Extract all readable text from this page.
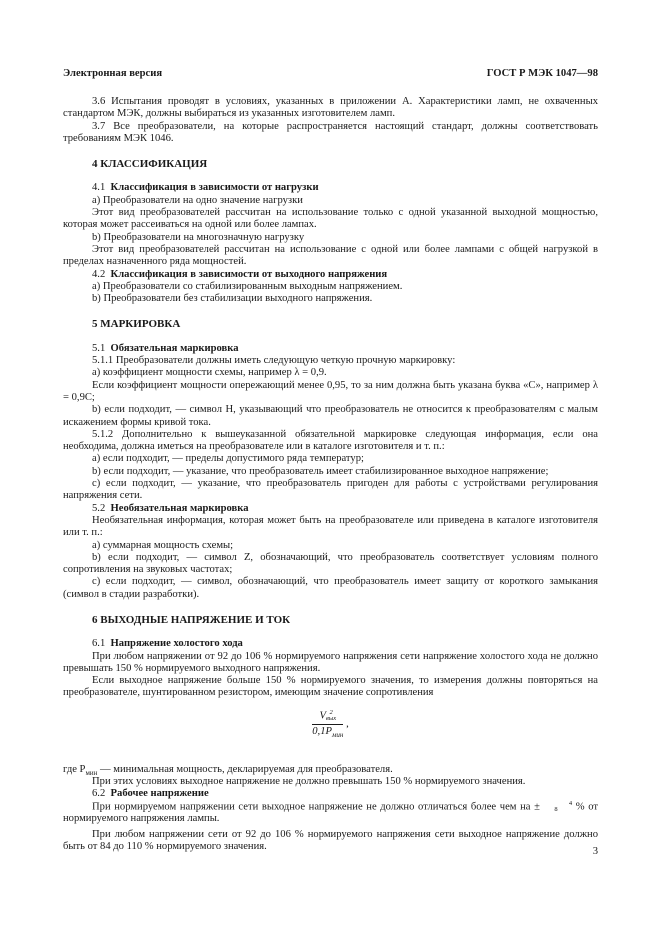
Электронная версия	ГОСТ Р МЭК 1047—98

3.6 Испытания проводят в условиях, указанных в приложении А. Характеристики ламп, не охваченных стандартом МЭК, должны выбираться из указанных изготовителем ламп.

3.7 Все преобразователи, на которые распространяется настоящий стандарт, должны соответствовать требованиям МЭК 1046.

4 КЛАССИФИКАЦИЯ

4.1 Классификация в зависимости от нагрузки

а) Преобразователи на одно значение нагрузки

Этот вид преобразователей рассчитан на использование только с одной указанной выходной мощностью, которая может рассеиваться на одной или более лампах.

b) Преобразователи на многозначную нагрузку

Этот вид преобразователей рассчитан на использование с одной или более лампами с общей нагрузкой в пределах назначенного ряда мощностей.

4.2 Классификация в зависимости от выходного напряжения

а) Преобразователи со стабилизированным выходным напряжением.

b) Преобразователи без стабилизации выходного напряжения.

5 МАРКИРОВКА

5.1 Обязательная маркировка

5.1.1 Преобразователи должны иметь следующую четкую прочную маркировку:

а) коэффициент мощности схемы, например λ = 0,9.

Если коэффициент мощности опережающий менее 0,95, то за ним должна быть указана буква «С», например λ = 0,9С;

b) если подходит, — символ Н, указывающий что преобразователь не относится к преобразователям с малым искажением формы кривой тока.

5.1.2 Дополнительно к вышеуказанной обязательной маркировке следующая информация, если она необходима, должна иметься на преобразователе или в каталоге изготовителя и т. п.:

а) если подходит, — пределы допустимого ряда температур;

b) если подходит, — указание, что преобразователь имеет стабилизированное выходное напряжение;

с) если подходит, — указание, что преобразователь пригоден для работы с устройствами регулирования напряжения сети.

5.2 Необязательная маркировка

Необязательная информация, которая может быть на преобразователе или приведена в каталоге изготовителя или т. п.:

а) суммарная мощность схемы;

b) если подходит, — символ Z, обозначающий, что преобразователь соответствует условиям полного сопротивления на звуковых частотах;

с) если подходит, — символ, обозначающий, что преобразователь имеет защиту от короткого замыкания (символ в стадии разработки).

6 ВЫХОДНЫЕ НАПРЯЖЕНИЕ И ТОК

6.1 Напряжение холостого хода

При любом напряжении от 92 до 106 % нормируемого напряжения сети напряжение холостого хода не должно превышать 150 % нормируемого выходного напряжения.

Если выходное напряжение больше 150 % нормируемого значения, то измерения должны повторяться на преобразователе, шунтированном резистором, имеющим значение сопротивления

V 2
вых
$0,1P_{мин}$
,

где $P_{мин}$ — минимальная мощность, декларируемая для преобразователя.

При этих условиях выходное напряжение не должно превышать 150 % нормируемого значения.

6.2 Рабочее напряжение

При нормируемом напряжении сети выходное напряжение не должно отличаться более чем на ±	4
8 % от нормируемого напряжения лампы.

При любом напряжении сети от 92 до 106 % нормируемого напряжения сети выходное напряжение должно быть от 84 до 110 % нормируемого значения.	3
